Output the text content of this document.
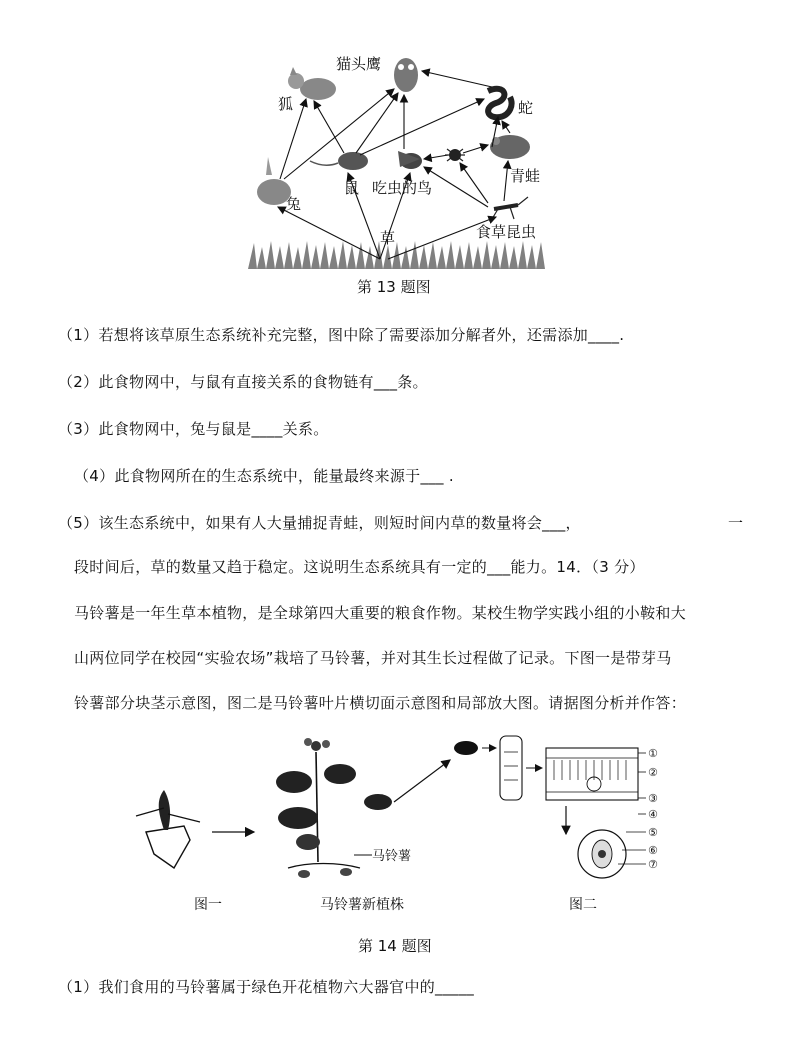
猫头鹰
狐	蛇
青蛙
鼠 吃虫的鸟
兔
草	食草昆虫
第 13 题图
（1）若想将该草原生态系统补充完整，图中除了需要添加分解者外，还需添加____.
（2）此食物网中，与鼠有直接关系的食物链有___条。
（3）此食物网中，兔与鼠是____关系。
（4）此食物网所在的生态系统中，能量最终来源于___ .
（5）该生态系统中，如果有人大量捕捉青蛙，则短时间内草的数量将会___，	一
段时间后，草的数量又趋于稳定。这说明生态系统具有一定的___能力。14．（3 分）
马铃薯是一年生草本植物，是全球第四大重要的粮食作物。某校生物学实践小组的小鞍和大
山两位同学在校园“实验农场”栽培了马铃薯，并对其生长过程做了记录。下图一是带芽马
铃薯部分块茎示意图，图二是马铃薯叶片横切面示意图和局部放大图。请据图分析并作答：
马铃薯
①
②
③
④
⑤
⑥
⑦
图一	马铃薯新植株	图二
第 14 题图
（1）我们食用的马铃薯属于绿色开花植物六大器官中的_____
